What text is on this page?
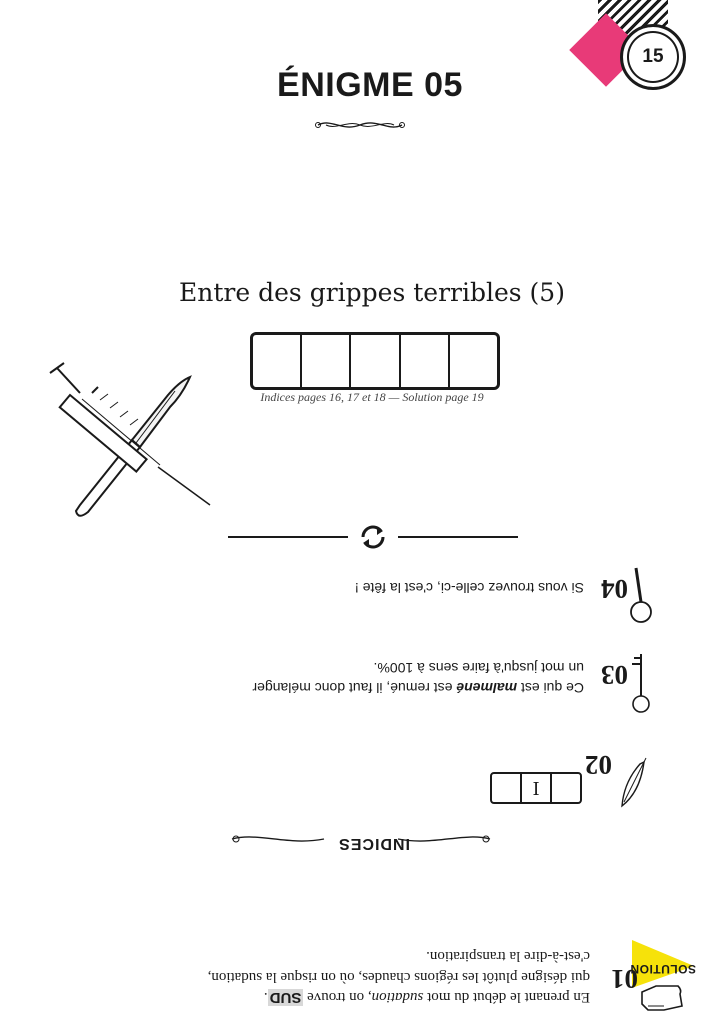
15
ÉNIGME 05
Entre des grippes terribles (5)
Indices pages 16, 17 et 18 — Solution page 19
SOLUTION
01
En prenant le début du mot sudation, on trouve SUD.
qui désigne plutôt les régions chaudes, où on risque la sudation,
c'est-à-dire la transpiration.
INDICES
02
I
03
Ce qui est malmené est remué, il faut donc mélanger
un mot jusqu'à faire sens à 100%.
04
Si vous trouvez celle-ci, c'est la fête !
